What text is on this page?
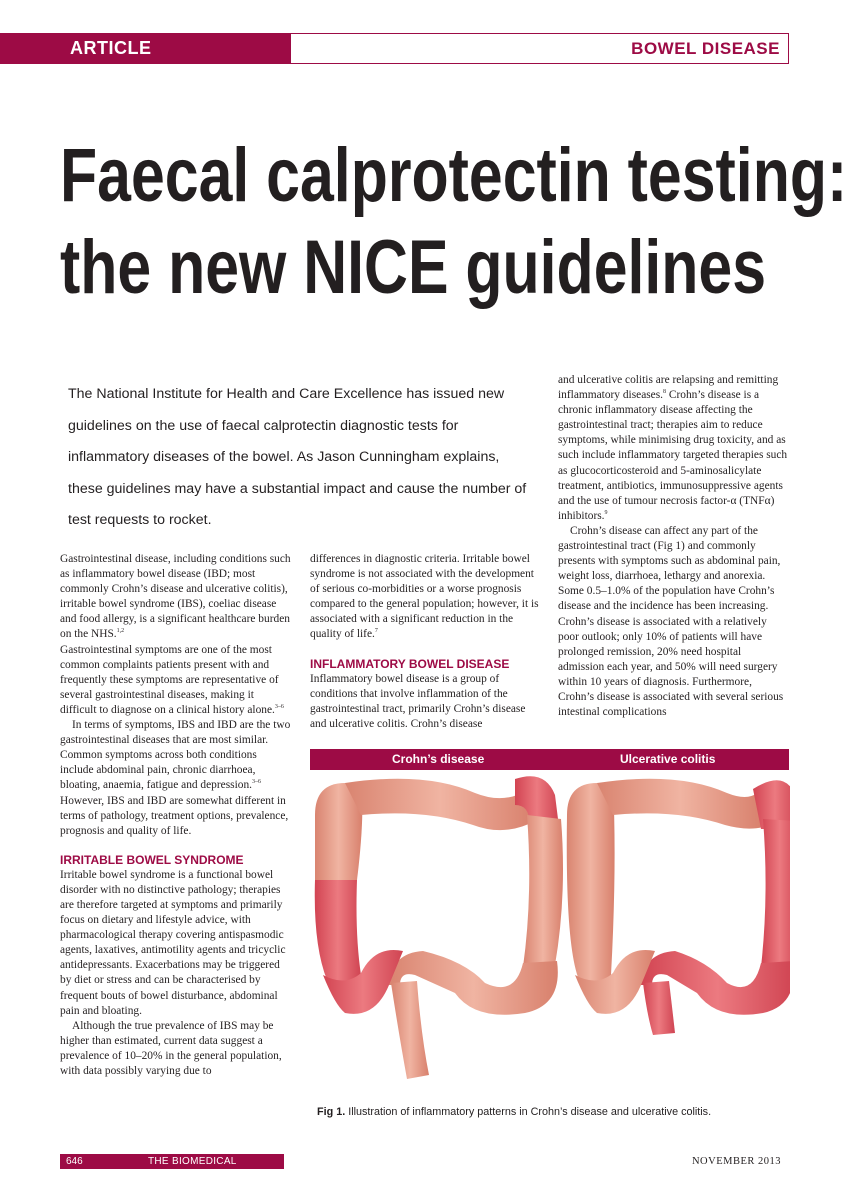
ARTICLE	BOWEL DISEASE
Faecal calprotectin testing:
the new NICE guidelines
The National Institute for Health and Care Excellence has issued new guidelines on the use of faecal calprotectin diagnostic tests for inflammatory diseases of the bowel. As Jason Cunningham explains, these guidelines may have a substantial impact and cause the number of test requests to rocket.

Gastrointestinal disease, including conditions such as inflammatory bowel disease (IBD; most commonly Crohn’s disease and ulcerative colitis), irritable bowel syndrome (IBS), coeliac disease and food allergy, is a significant healthcare burden on the NHS.$^{1,2}$

Gastrointestinal symptoms are one of the most common complaints patients present with and frequently these symptoms are representative of several gastrointestinal diseases, making it difficult to diagnose on a clinical history alone.$^{3-6}$

In terms of symptoms, IBS and IBD are the two gastrointestinal diseases that are most similar. Common symptoms across both conditions include abdominal pain, chronic diarrhoea, bloating, anaemia, fatigue and depression.$^{3-6}$ However, IBS and IBD are somewhat different in terms of pathology, treatment options, prevalence, prognosis and quality of life.

IRRITABLE BOWEL SYNDROME

Irritable bowel syndrome is a functional bowel disorder with no distinctive pathology; therapies are therefore targeted at symptoms and primarily focus on dietary and lifestyle advice, with pharmacological therapy covering antispasmodic agents, laxatives, antimotility agents and tricyclic antidepressants. Exacerbations may be triggered by diet or stress and can be characterised by frequent bouts of bowel disturbance, abdominal pain and bloating.

Although the true prevalence of IBS may be higher than estimated, current data suggest a prevalence of 10–20% in the general population, with data possibly varying due to

differences in diagnostic criteria. Irritable bowel syndrome is not associated with the development of serious co-morbidities or a worse prognosis compared to the general population; however, it is associated with a significant reduction in the quality of life.$^7$

INFLAMMATORY BOWEL DISEASE

Inflammatory bowel disease is a group of conditions that involve inflammation of the gastrointestinal tract, primarily Crohn’s disease and ulcerative colitis. Crohn’s disease

and ulcerative colitis are relapsing and remitting inflammatory diseases.$^8$ Crohn’s disease is a chronic inflammatory disease affecting the gastrointestinal tract; therapies aim to reduce symptoms, while minimising drug toxicity, and as such include inflammatory targeted therapies such as glucocorticosteroid and 5-aminosalicylate treatment, antibiotics, immunosuppressive agents and the use of tumour necrosis factor-α (TNFα) inhibitors.$^9$

Crohn’s disease can affect any part of the gastrointestinal tract (Fig 1) and commonly presents with symptoms such as abdominal pain, weight loss, diarrhoea, lethargy and anorexia. Some 0.5–1.0% of the population have Crohn’s disease and the incidence has been increasing. Crohn’s disease is associated with a relatively poor outlook; only 10% of patients will have prolonged remission, 20% need hospital admission each year, and 50% will need surgery within 10 years of diagnosis. Furthermore, Crohn’s disease is associated with several serious intestinal complications

Crohn’s disease	Ulcerative colitis
Fig 1. Illustration of inflammatory patterns in Crohn’s disease and ulcerative colitis.
646	THE BIOMEDICAL SCIENTIST
NOVEMBER 2013
